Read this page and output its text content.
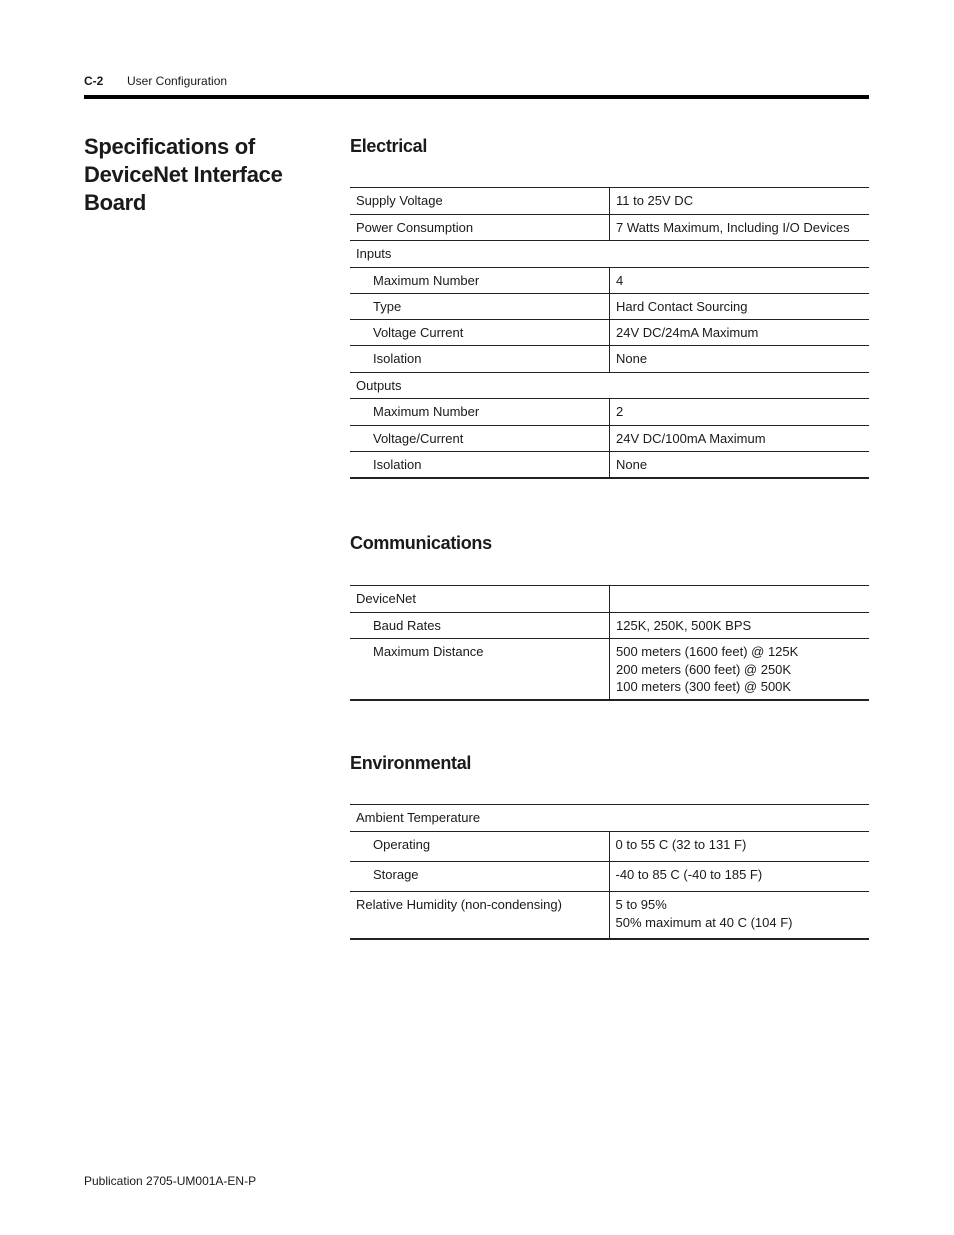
C-2 User Configuration
Specifications of DeviceNet Interface Board
Electrical
Supply Voltage	11 to 25V DC
Power Consumption	7 Watts Maximum, Including I/O Devices
Inputs	
Maximum Number	4
Type	Hard Contact Sourcing
Voltage Current	24V DC/24mA Maximum
Isolation	None
Outputs	
Maximum Number	2
Voltage/Current	24V DC/100mA Maximum
Isolation	None
Communications
DeviceNet	
Baud Rates	125K, 250K, 500K BPS
Maximum Distance	500 meters (1600 feet) @ 125K
200 meters (600 feet) @ 250K
100 meters (300 feet) @ 500K
Environmental
Ambient Temperature	
Operating	0 to 55 C (32 to 131 F)
Storage	-40 to 85 C (-40 to 185 F)
Relative Humidity (non-condensing)	5 to 95%
50% maximum at 40 C (104 F)
Publication 2705-UM001A-EN-P
